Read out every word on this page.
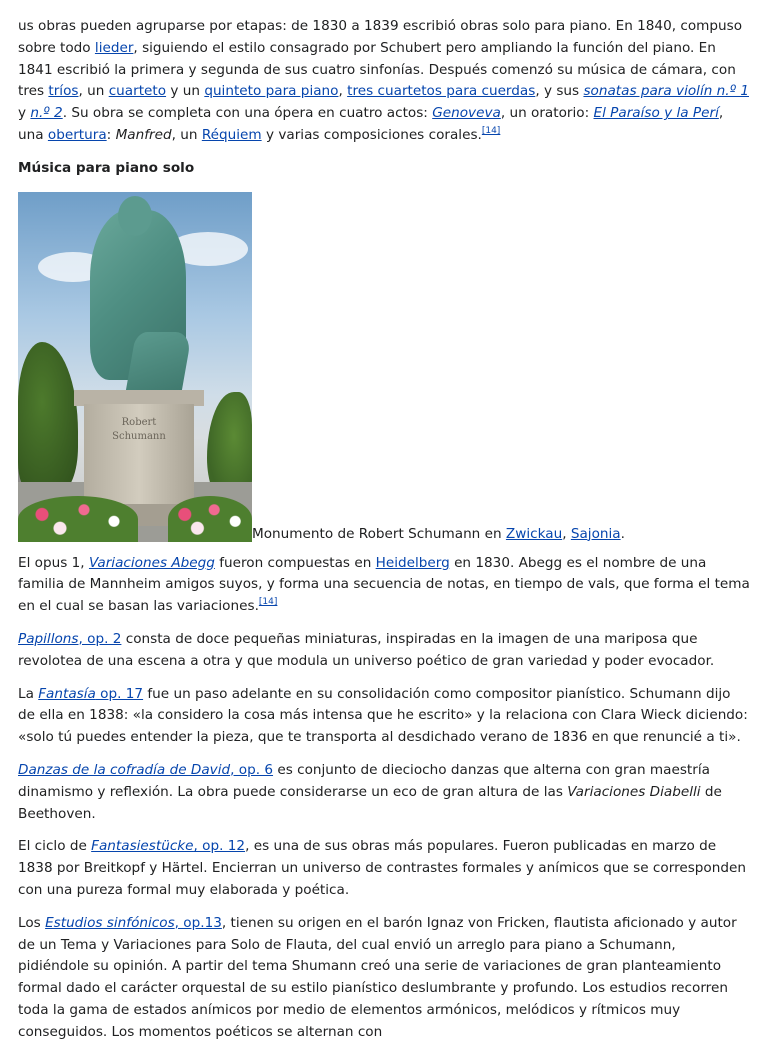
us obras pueden agruparse por etapas: de 1830 a 1839 escribió obras solo para piano. En 1840, compuso sobre todo lieder, siguiendo el estilo consagrado por Schubert pero ampliando la función del piano. En 1841 escribió la primera y segunda de sus cuatro sinfonías. Después comenzó su música de cámara, con tres tríos, un cuarteto y un quinteto para piano, tres cuartetos para cuerdas, y sus sonatas para violín n.º 1 y n.º 2. Su obra se completa con una ópera en cuatro actos: Genoveva, un oratorio: El Paraíso y la Perí, una obertura: Manfred, un Réquiem y varias composiciones corales.[14]

Música para piano solo

Robert
Schumann
Monumento de Robert Schumann en Zwickau, Sajonia.

El opus 1, Variaciones Abegg fueron compuestas en Heidelberg en 1830. Abegg es el nombre de una familia de Mannheim amigos suyos, y forma una secuencia de notas, en tiempo de vals, que forma el tema en el cual se basan las variaciones.[14]

Papillons, op. 2 consta de doce pequeñas miniaturas, inspiradas en la imagen de una mariposa que revolotea de una escena a otra y que modula un universo poético de gran variedad y poder evocador.

La Fantasía op. 17 fue un paso adelante en su consolidación como compositor pianístico. Schumann dijo de ella en 1838: «la considero la cosa más intensa que he escrito» y la relaciona con Clara Wieck diciendo: «solo tú puedes entender la pieza, que te transporta al desdichado verano de 1836 en que renuncié a ti».

Danzas de la cofradía de David, op. 6 es conjunto de dieciocho danzas que alterna con gran maestría dinamismo y reflexión. La obra puede considerarse un eco de gran altura de las Variaciones Diabelli de Beethoven.

El ciclo de Fantasiestücke, op. 12, es una de sus obras más populares. Fueron publicadas en marzo de 1838 por Breitkopf y Härtel. Encierran un universo de contrastes formales y anímicos que se corresponden con una pureza formal muy elaborada y poética.

Los Estudios sinfónicos, op.13, tienen su origen en el barón Ignaz von Fricken, flautista aficionado y autor de un Tema y Variaciones para Solo de Flauta, del cual envió un arreglo para piano a Schumann, pidiéndole su opinión. A partir del tema Shumann creó una serie de variaciones de gran planteamiento formal dado el carácter orquestal de su estilo pianístico deslumbrante y profundo. Los estudios recorren toda la gama de estados anímicos por medio de elementos armónicos, melódicos y rítmicos muy conseguidos. Los momentos poéticos se alternan con
